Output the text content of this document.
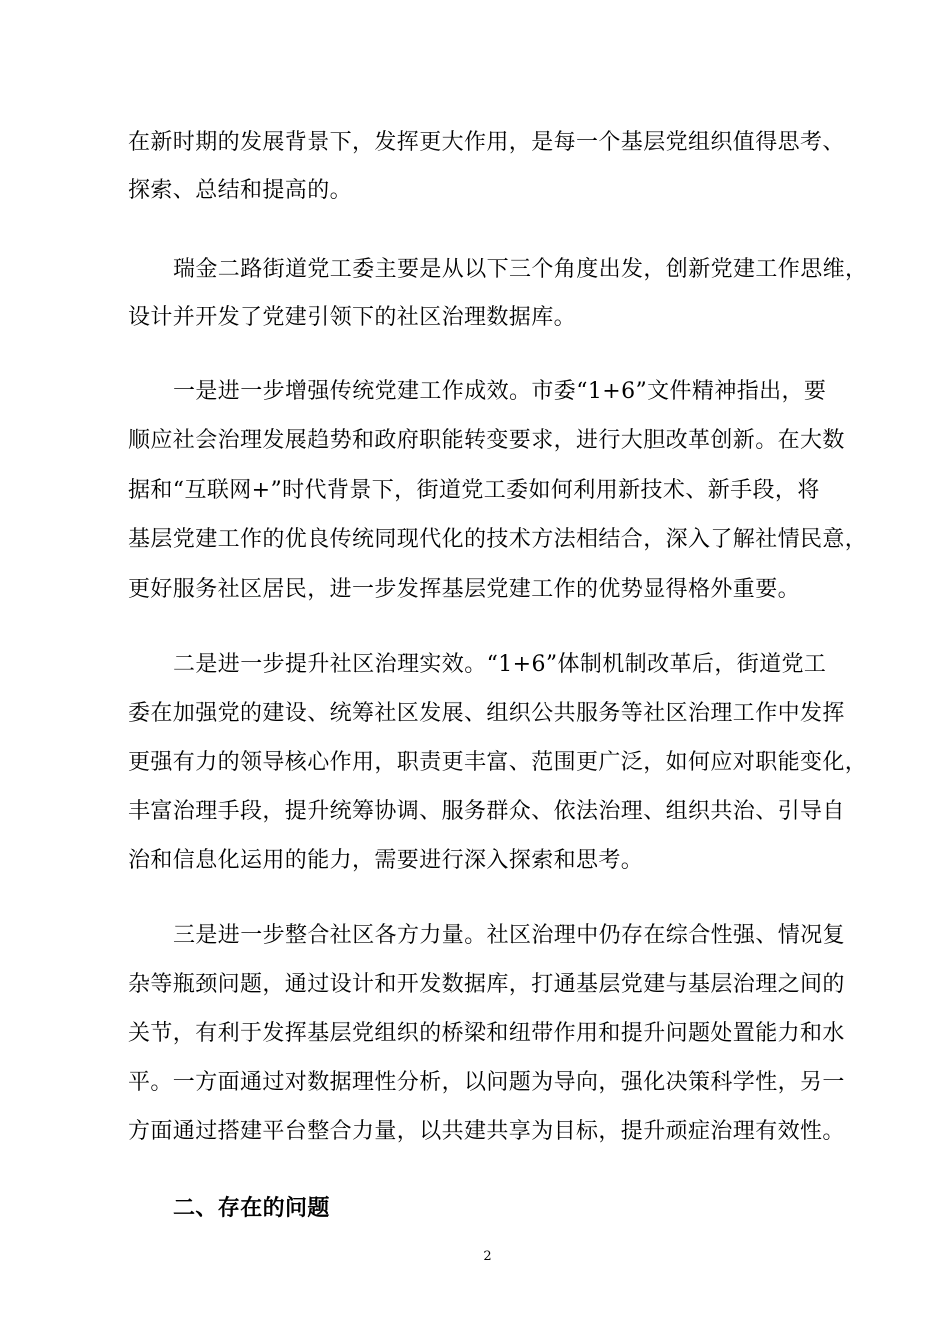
在新时期的发展背景下，发挥更大作用，是每一个基层党组织值得思考、
探索、总结和提高的。
瑞金二路街道党工委主要是从以下三个角度出发，创新党建工作思维，
设计并开发了党建引领下的社区治理数据库。
一是进一步增强传统党建工作成效。市委“1+6”文件精神指出，要
顺应社会治理发展趋势和政府职能转变要求，进行大胆改革创新。在大数
据和“互联网+”时代背景下，街道党工委如何利用新技术、新手段，将
基层党建工作的优良传统同现代化的技术方法相结合，深入了解社情民意，
更好服务社区居民，进一步发挥基层党建工作的优势显得格外重要。
二是进一步提升社区治理实效。“1+6”体制机制改革后，街道党工
委在加强党的建设、统筹社区发展、组织公共服务等社区治理工作中发挥
更强有力的领导核心作用，职责更丰富、范围更广泛，如何应对职能变化，
丰富治理手段，提升统筹协调、服务群众、依法治理、组织共治、引导自
治和信息化运用的能力，需要进行深入探索和思考。
三是进一步整合社区各方力量。社区治理中仍存在综合性强、情况复
杂等瓶颈问题，通过设计和开发数据库，打通基层党建与基层治理之间的
关节，有利于发挥基层党组织的桥梁和纽带作用和提升问题处置能力和水
平。一方面通过对数据理性分析，以问题为导向，强化决策科学性，另一
方面通过搭建平台整合力量，以共建共享为目标，提升顽症治理有效性。
二、存在的问题
2
